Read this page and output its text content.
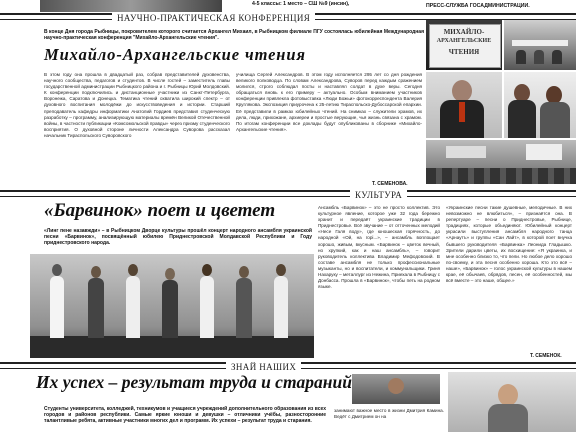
4-5 классы: 1 место – СШ №9 (инсин),	ПРЕСС-СЛУЖБА ГОСАДМИНИСТРАЦИИ.
НАУЧНО-ПРАКТИЧЕСКАЯ КОНФЕРЕНЦИЯ
В конце Дня города Рыбницы, покровителем которого считается Архангел Михаил, в Рыбницком филиале ПГУ состоялась юбилейная Международная научно-практическая конференция "Михайло-Архангельские чтения".
Михайло-Архангельские чтения
В этом году она прошла в двадцатый раз, собрав представителей духовенства, научного сообщества, педагогов и студентов. В числе гостей – заместитель главы государственной администрации Рыбницкого района и г. Рыбницы Юрий Молдовский. К конференции подключились и дистанционные участники из Санкт-Петербурга, Воронежа, Саратова и Донецка. Тематика чтений охватила широкий спектр – от духовного воспитания молодёжи до искусствоведения и истории. Старший преподаватель кафедры информатики Анатолий Гордиев представил студенческую разработку – программу, анализирующую материалы времён Великой Отечественной войны, в частности публикации «Комсомольской правды» через призму студенческого восприятия. О духовной стороне личности Александра Суворова рассказал начальник Тираспольского Суворовского
училища Сергей Александров. В этом году исполняется 295 лет со дня рождения великого полководца. По словам Александрова, Суворов перед каждым сражением молился, строго соблюдал посты и наставлял солдат в духе веры. Сегодня обращаться вновь к его примеру – актуально. Особым вниманием участников конференции привлекла фотовыставка «Люди Божьи» фотокорреспондента Валерия Круглякова. Экспозиция приурочена к 25-летию Тираспольско-Дубоссарской епархии. Её представили в рамках юбилейных чтений. На снимках – служители храмов, их дела, люди, прихожане, архиереи и простые верующие, чья жизнь связана с храмом. По итогам конференции все доклады будут опубликованы в сборнике «Михайло-Архангельские чтения».
Т. СЕМЕНОВА.
МИХАЙЛО-
АРХАНГЕЛЬСКИЕ
ЧТЕНИЯ
КУЛЬТУРА
«Барвинок» поет и цветет
«Линг пене назавжди» – в Рыбницком Дворце культуры прошёл концерт народного ансамбля украинской песни «Барвинок», посвящённый юбилею Приднестровской Молдавской Республики и Году приднестровского народа.
Ансамбль «Барвинок» – это не просто коллектив. Это культурное явление, которое уже 32 года бережно хранит и передаёт украинские традиции в Приднестровье. Всё звучание – от отточенных мелодий «Несе Галя воду», где юношеская горячность, до народной «Ой, на горі...», – ансамбль воплощает хорошо, живым, вкусным. «Барвинок – цветок вечный, но хрупкий, как и наш ансамбль», – говорит руководитель коллектива Владимир Мефодовский. В составе ансамбля не только профессиональные музыканты, но и воспитатели, и коммунальщики. Гриня Нахаруку – металлург из Нежина, Приехала в Рыбницу с Донбасса. Прошла в «Барвинок», чтобы петь на родном языке.
«Украинские песни такие душевные, мелодичные. В них невозможно не влюбиться», – признаётся она. В репертуаре – песни о Приднестровье, Рыбнице, традициях, которые объединяют. Юбилейный концерт украсили выступления ансамбля народного танца «Арнаутъ» и группы «Сан Лайт», в которой поет внучка бывшего руководителя «Барвинка» Леонида Гладышко. Зрители дарили цветы, их восхищение: «Я украинка, и мне особенно близко то, что пели. Но любое дело хорошо по-своему, и эта песня особенно хороша. Кто это всё – наше», «Барвинок» – голос украинской культуры в нашем крае, её обычаев, обрядов, песен, её особенностей, мы всё вместе – это наше, общее.»
Т. СЕМЕНОК.
ЗНАЙ НАШИХ
Их успех – результат труда и стараний
Студенты университета, колледжей, техникумов и учащиеся учреждений дополнительного образования из всех городов и районов республики. Самые яркие юноши и девушки – отличники учёбы, разносторонние талантливые ребята, активные участники многих дел и программ. Их успехи – результат труда и старания.
занимают важное место в жизни Дмитрия Камина. Ведёт с Дмитрием он на
